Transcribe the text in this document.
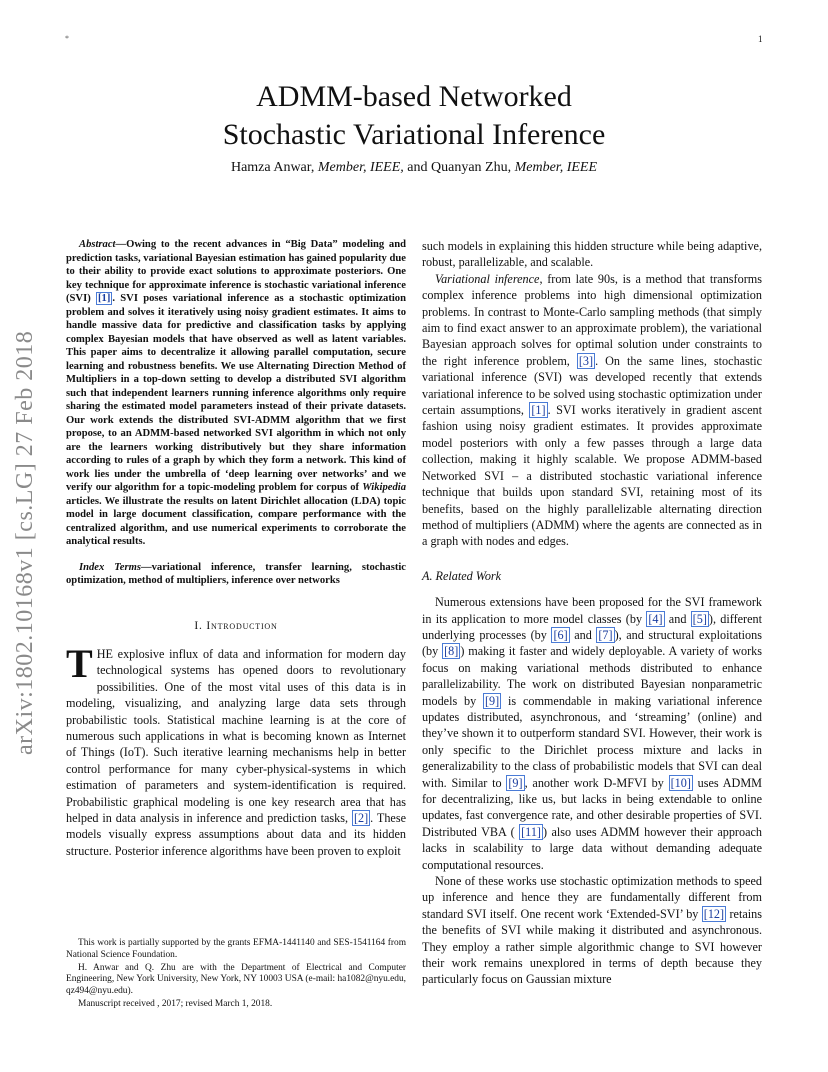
*	1
arXiv:1802.10168v1 [cs.LG] 27 Feb 2018
ADMM-based Networked
Stochastic Variational Inference
Hamza Anwar, Member, IEEE, and Quanyan Zhu, Member, IEEE
Abstract—Owing to the recent advances in “Big Data” modeling and prediction tasks, variational Bayesian estimation has gained popularity due to their ability to provide exact solutions to approximate posteriors. One key technique for approximate inference is stochastic variational inference (SVI) [1] . SVI poses variational inference as a stochastic optimization problem and solves it iteratively using noisy gradient estimates. It aims to handle massive data for predictive and classification tasks by applying complex Bayesian models that have observed as well as latent variables. This paper aims to decentralize it allowing parallel computation, secure learning and robustness benefits. We use Alternating Direction Method of Multipliers in a top-down setting to develop a distributed SVI algorithm such that independent learners running inference algorithms only require sharing the estimated model parameters instead of their private datasets. Our work extends the distributed SVI-ADMM algorithm that we first propose, to an ADMM-based networked SVI algorithm in which not only are the learners working distributively but they share information according to rules of a graph by which they form a network. This kind of work lies under the umbrella of ‘deep learning over networks’ and we verify our algorithm for a topic-modeling problem for corpus of Wikipedia articles. We illustrate the results on latent Dirichlet allocation (LDA) topic model in large document classification, compare performance with the centralized algorithm, and use numerical experiments to corroborate the analytical results.
Index Terms—variational inference, transfer learning, stochastic optimization, method of multipliers, inference over networks
I. Introduction

THE explosive influx of data and information for modern day technological systems has opened doors to revolutionary possibilities. One of the most vital uses of this data is in modeling, visualizing, and analyzing large data sets through probabilistic tools. Statistical machine learning is at the core of numerous such applications in what is becoming known as Internet of Things (IoT). Such iterative learning mechanisms help in better control performance for many cyber-physical-systems in which estimation of parameters and system-identification is required. Probabilistic graphical modeling is one key research area that has helped in data analysis in inference and prediction tasks, [2] . These models visually express assumptions about data and its hidden structure. Posterior inference algorithms have been proven to exploit

This work is partially supported by the grants EFMA-1441140 and SES-1541164 from National Science Foundation.

H. Anwar and Q. Zhu are with the Department of Electrical and Computer Engineering, New York University, New York, NY 10003 USA (e-mail: ha1082@nyu.edu, qz494@nyu.edu).

Manuscript received , 2017; revised March 1, 2018.

such models in explaining this hidden structure while being adaptive, robust, parallelizable, and scalable.

Variational inference, from late 90s, is a method that transforms complex inference problems into high dimensional optimization problems. In contrast to Monte-Carlo sampling methods (that simply aim to find exact answer to an approximate problem), the variational Bayesian approach solves for optimal solution under constraints to the right inference problem, [3] . On the same lines, stochastic variational inference (SVI) was developed recently that extends variational inference to be solved using stochastic optimization under certain assumptions, [1] . SVI works iteratively in gradient ascent fashion using noisy gradient estimates. It provides approximate model posteriors with only a few passes through a large data collection, making it highly scalable. We propose ADMM-based Networked SVI – a distributed stochastic variational inference technique that builds upon standard SVI, retaining most of its benefits, based on the highly parallelizable alternating direction method of multipliers (ADMM) where the agents are connected as in a graph with nodes and edges.

A. Related Work

Numerous extensions have been proposed for the SVI framework in its application to more model classes (by [4] and [5] ), different underlying processes (by [6] and [7] ), and structural exploitations (by [8] ) making it faster and widely deployable. A variety of works focus on making variational methods distributed to enhance parallelizability. The work on distributed Bayesian nonparametric models by [9] is commendable in making variational inference updates distributed, asynchronous, and ‘streaming’ (online) and they’ve shown it to outperform standard SVI. However, their work is only specific to the Dirichlet process mixture and lacks in generalizability to the class of probabilistic models that SVI can deal with. Similar to [9] , another work D-MFVI by [10] uses ADMM for decentralizing, like us, but lacks in being extendable to online updates, fast convergence rate, and other desirable properties of SVI. Distributed VBA ( [11] ) also uses ADMM however their approach lacks in scalability to large data without demanding adequate computational resources.

None of these works use stochastic optimization methods to speed up inference and hence they are fundamentally different from standard SVI itself. One recent work ‘Extended-SVI’ by [12] retains the benefits of SVI while making it distributed and asynchronous. They employ a rather simple algorithmic change to SVI however their work remains unexplored in terms of depth because they particularly focus on Gaussian mixture
